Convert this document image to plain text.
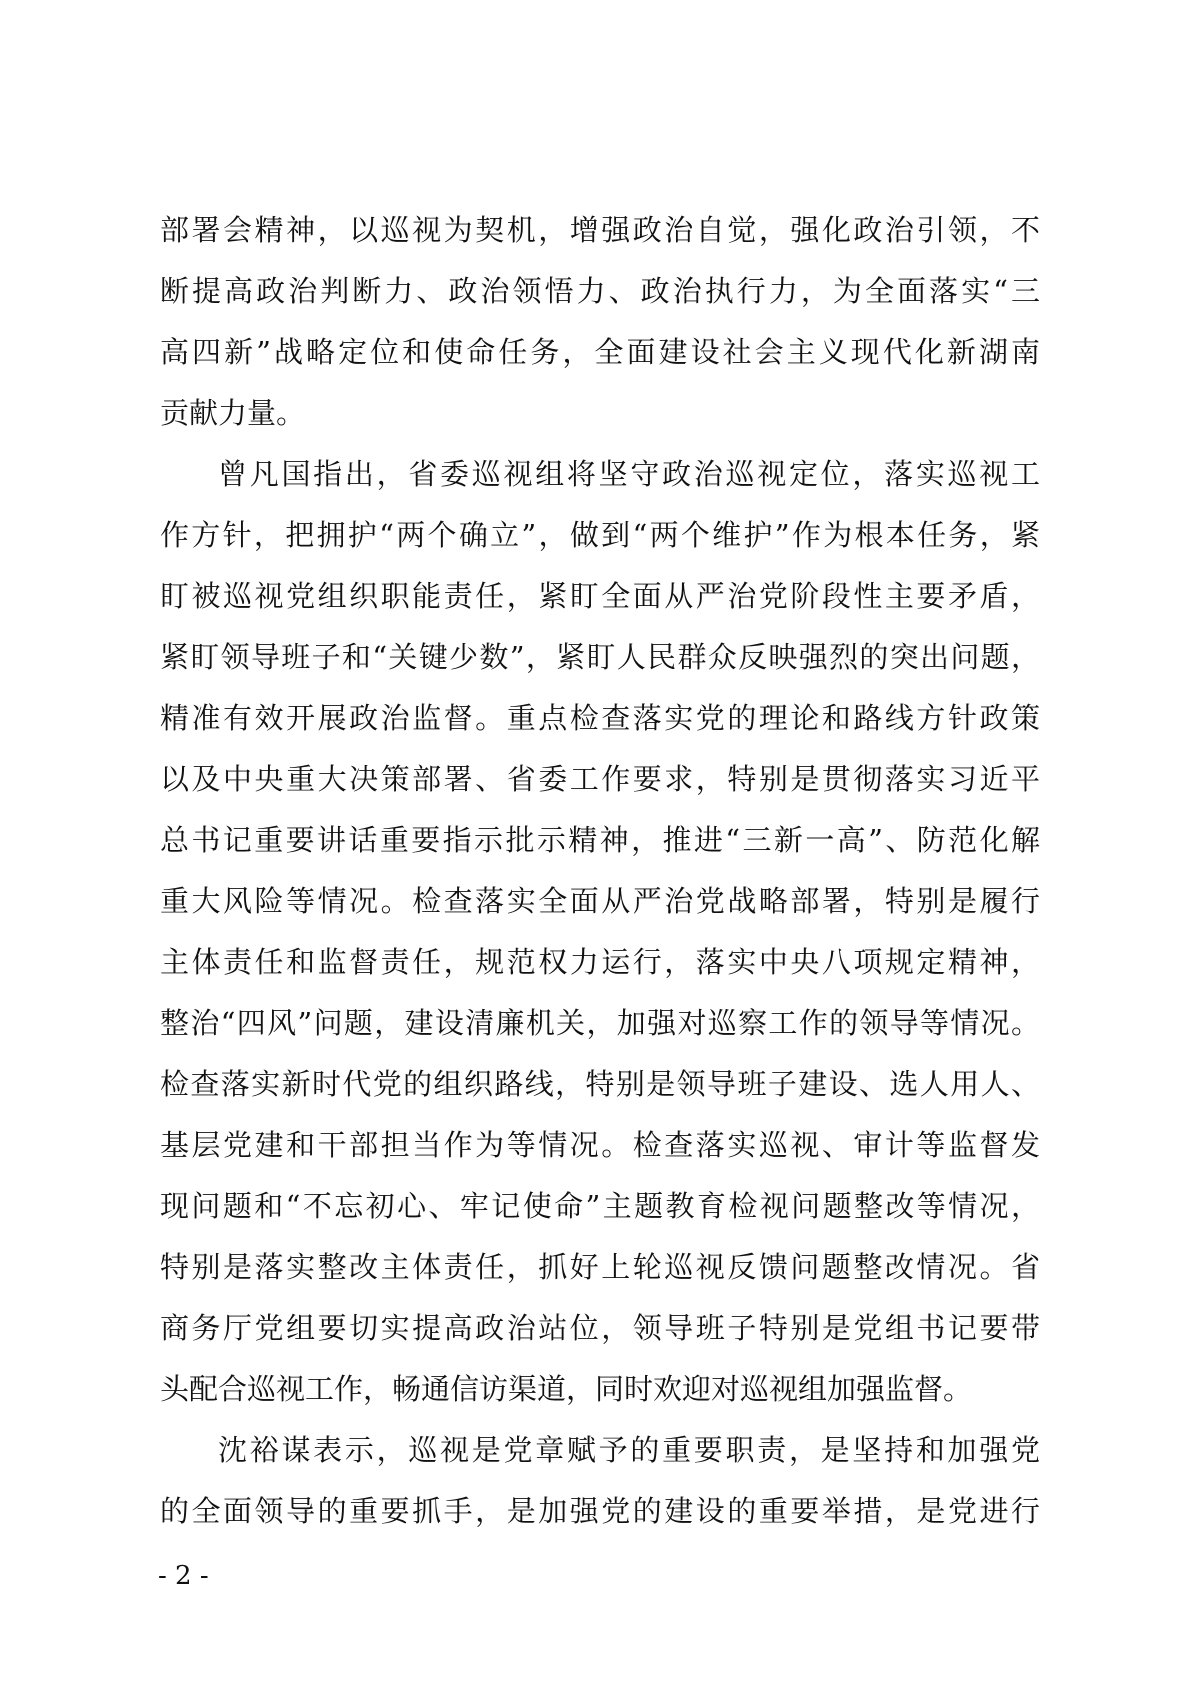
部署会精神，以巡视为契机，增强政治自觉，强化政治引领，不
断提高政治判断力、政治领悟力、政治执行力，为全面落实“三
高四新”战略定位和使命任务，全面建设社会主义现代化新湖南
贡献力量。
曾凡国指出，省委巡视组将坚守政治巡视定位，落实巡视工
作方针，把拥护“两个确立”，做到“两个维护”作为根本任务，紧
盯被巡视党组织职能责任，紧盯全面从严治党阶段性主要矛盾，
紧盯领导班子和“关键少数”，紧盯人民群众反映强烈的突出问题，
精准有效开展政治监督。重点检查落实党的理论和路线方针政策
以及中央重大决策部署、省委工作要求，特别是贯彻落实习近平
总书记重要讲话重要指示批示精神，推进“三新一高”、防范化解
重大风险等情况。检查落实全面从严治党战略部署，特别是履行
主体责任和监督责任，规范权力运行，落实中央八项规定精神，
整治“四风”问题，建设清廉机关，加强对巡察工作的领导等情况。
检查落实新时代党的组织路线，特别是领导班子建设、选人用人、
基层党建和干部担当作为等情况。检查落实巡视、审计等监督发
现问题和“不忘初心、牢记使命”主题教育检视问题整改等情况，
特别是落实整改主体责任，抓好上轮巡视反馈问题整改情况。省
商务厅党组要切实提高政治站位，领导班子特别是党组书记要带
头配合巡视工作，畅通信访渠道，同时欢迎对巡视组加强监督。
沈裕谋表示，巡视是党章赋予的重要职责，是坚持和加强党
的全面领导的重要抓手，是加强党的建设的重要举措，是党进行
- 2 -
